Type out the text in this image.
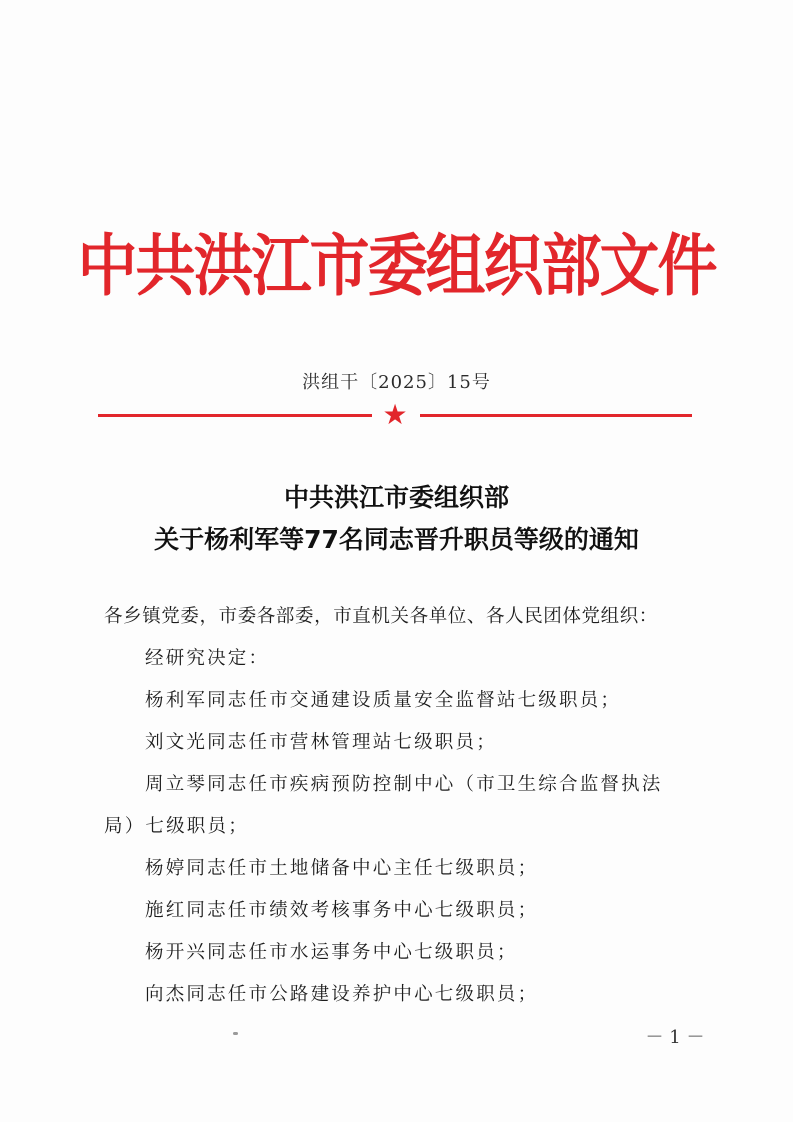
中共洪江市委组织部文件
洪组干〔2025〕15号
★
中共洪江市委组织部
关于杨利军等77名同志晋升职员等级的通知
各乡镇党委，市委各部委，市直机关各单位、各人民团体党组织：
经研究决定：
杨利军同志任市交通建设质量安全监督站七级职员；
刘文光同志任市营林管理站七级职员；
周立琴同志任市疾病预防控制中心（市卫生综合监督执法
局）七级职员；
杨婷同志任市土地储备中心主任七级职员；
施红同志任市绩效考核事务中心七级职员；
杨开兴同志任市水运事务中心七级职员；
向杰同志任市公路建设养护中心七级职员；
－ 1 －
